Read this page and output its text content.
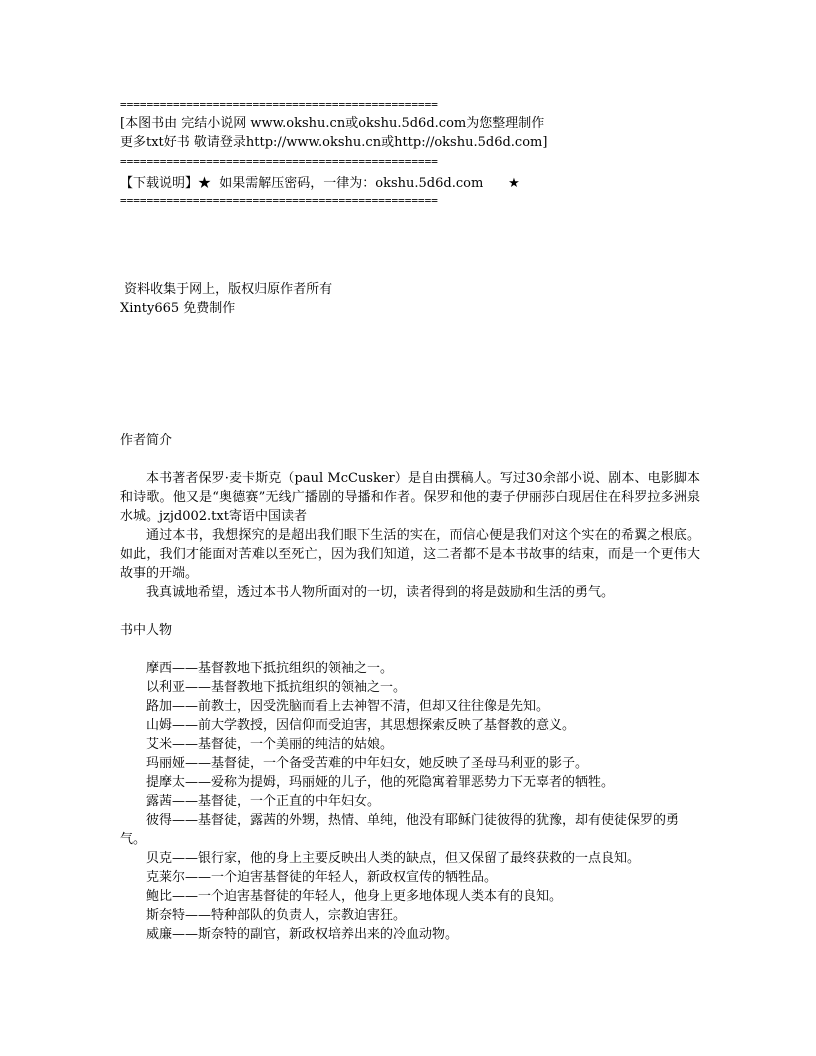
================================================
[本图书由 完结小说网 www.okshu.cn或okshu.5d6d.com为您整理制作
更多txt好书 敬请登录http://www.okshu.cn或http://okshu.5d6d.com]
================================================
【下载说明】★  如果需解压密码，一律为：okshu.5d6d.com      ★
================================================
资料收集于网上，版权归原作者所有
Xinty665 免费制作
作者简介
本书著者保罗·麦卡斯克（paul McCusker）是自由撰稿人。写过30余部小说、剧本、电影脚本和诗歌。他又是“奥德赛”无线广播剧的导播和作者。保罗和他的妻子伊丽莎白现居住在科罗拉多洲泉水城。jzjd002.txt寄语中国读者
通过本书，我想探究的是超出我们眼下生活的实在，而信心便是我们对这个实在的希翼之根底。如此，我们才能面对苦难以至死亡，因为我们知道，这二者都不是本书故事的结束，而是一个更伟大故事的开端。
我真诚地希望，透过本书人物所面对的一切，读者得到的将是鼓励和生活的勇气。
书中人物
摩西——基督教地下抵抗组织的领袖之一。
以利亚——基督教地下抵抗组织的领袖之一。
路加——前教士，因受洗脑而看上去神智不清，但却又往往像是先知。
山姆——前大学教授，因信仰而受迫害，其思想探索反映了基督教的意义。
艾米——基督徒，一个美丽的纯洁的姑娘。
玛丽娅——基督徒，一个备受苦难的中年妇女，她反映了圣母马利亚的影子。
提摩太——爱称为提姆，玛丽娅的儿子，他的死隐寓着罪恶势力下无辜者的牺牲。
露茜——基督徒，一个正直的中年妇女。
彼得——基督徒，露茜的外甥，热情、单纯，他没有耶稣门徒彼得的犹豫，却有使徒保罗的勇气。
贝克——银行家，他的身上主要反映出人类的缺点，但又保留了最终获救的一点良知。
克莱尔——一个迫害基督徒的年轻人，新政权宣传的牺牲品。
鲍比——一个迫害基督徒的年轻人，他身上更多地体现人类本有的良知。
斯奈特——特种部队的负责人，宗教迫害狂。
威廉——斯奈特的副官，新政权培养出来的冷血动物。
